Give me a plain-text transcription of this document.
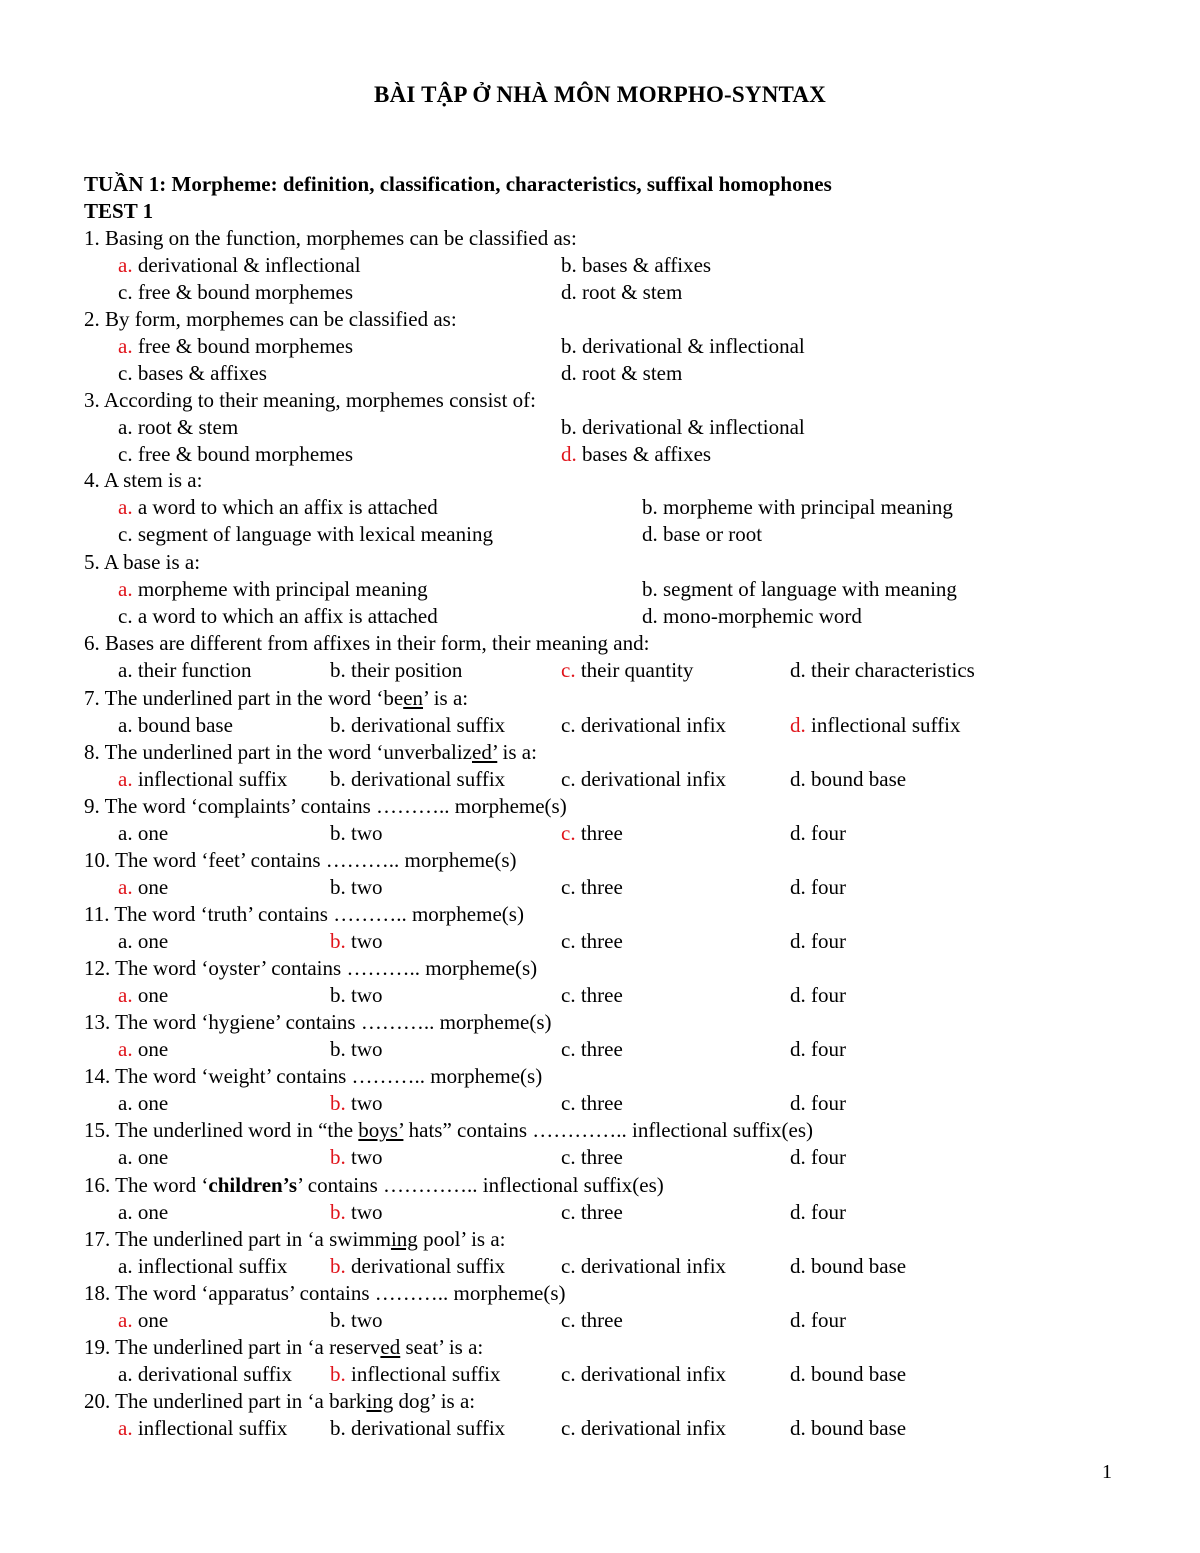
BÀI TẬP Ở NHÀ MÔN MORPHO-SYNTAX
TUẦN 1: Morpheme: definition, classification, characteristics, suffixal homophones
TEST 1
1. Basing on the function, morphemes can be classified as:
a. derivational & inflectional	b. bases & affixes
c. free & bound morphemes	d. root & stem
2. By form, morphemes can be classified as:
a. free & bound morphemes	b. derivational & inflectional
c. bases & affixes	d. root & stem
3. According to their meaning, morphemes consist of:
a. root & stem	b. derivational & inflectional
c. free & bound morphemes	d. bases & affixes
4. A stem is a:
a. a word to which an affix is attached	b. morpheme with principal meaning
c. segment of language with lexical meaning	d. base or root
5. A base is a:
a. morpheme with principal meaning	b. segment of language with meaning
c. a word to which an affix is attached	d. mono-morphemic word
6. Bases are different from affixes in their form, their meaning and:
a. their function	b. their position	c. their quantity	d. their characteristics
7. The underlined part in the word ‘been’ is a:
a. bound base	b. derivational suffix	c. derivational infix	d. inflectional suffix
8. The underlined part in the word ‘unverbalized’ is a:
a. inflectional suffix b. derivational suffix	c. derivational infix	d. bound base
9. The word ‘complaints’ contains ……….. morpheme(s)
a. one	b. two	c. three	d. four
10. The word ‘feet’ contains ……….. morpheme(s)
a. one	b. two	c. three	d. four
11. The word ‘truth’ contains ……….. morpheme(s)
a. one	b. two	c. three	d. four
12. The word ‘oyster’ contains ……….. morpheme(s)
a. one	b. two	c. three	d. four
13. The word ‘hygiene’ contains ……….. morpheme(s)
a. one	b. two	c. three	d. four
14. The word ‘weight’ contains ……….. morpheme(s)
a. one	b. two	c. three	d. four
15. The underlined word in “the boys’ hats” contains ………….. inflectional suffix(es)
a. one	b. two	c. three	d. four
16. The word ‘children’s’ contains ………….. inflectional suffix(es)
a. one	b. two	c. three	d. four
17. The underlined part in ‘a swimming pool’ is a:
a. inflectional suffix b. derivational suffix	c. derivational infix	d. bound base
18. The word ‘apparatus’ contains ……….. morpheme(s)
a. one	b. two	c. three	d. four
19. The underlined part in ‘a reserved seat’ is a:
a. derivational suffix b. inflectional suffix	c. derivational infix	d. bound base
20. The underlined part in ‘a barking dog’ is a:
a. inflectional suffix b. derivational suffix	c. derivational infix	d. bound base
1
